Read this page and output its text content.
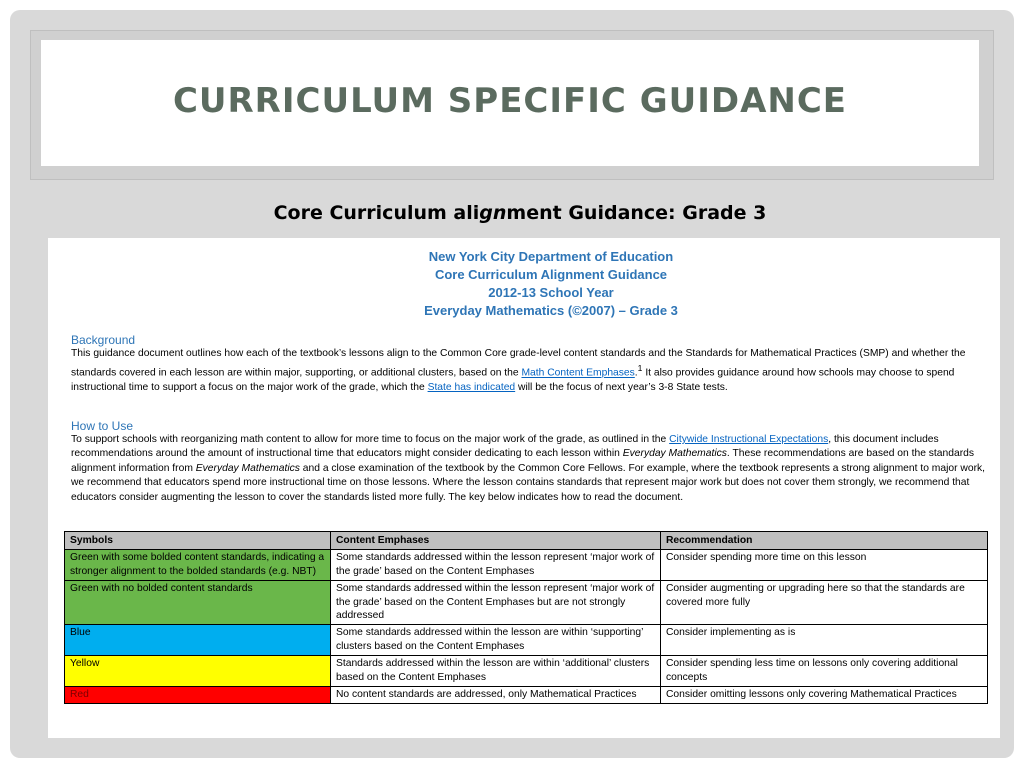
CURRICULUM SPECIFIC GUIDANCE
Core Curriculum alignment Guidance: Grade 3
New York City Department of Education
Core Curriculum Alignment Guidance
2012-13 School Year
Everyday Mathematics (©2007) – Grade 3
Background
This guidance document outlines how each of the textbook’s lessons align to the Common Core grade-level content standards and the Standards for Mathematical Practices (SMP) and whether the standards covered in each lesson are within major, supporting, or additional clusters, based on the Math Content Emphases.$^1$ It also provides guidance around how schools may choose to spend instructional time to support a focus on the major work of the grade, which the State has indicated will be the focus of next year’s 3-8 State tests.
How to Use
To support schools with reorganizing math content to allow for more time to focus on the major work of the grade, as outlined in the Citywide Instructional Expectations, this document includes recommendations around the amount of instructional time that educators might consider dedicating to each lesson within Everyday Mathematics. These recommendations are based on the standards alignment information from Everyday Mathematics and a close examination of the textbook by the Common Core Fellows. For example, where the textbook represents a strong alignment to major work, we recommend that educators spend more instructional time on those lessons. Where the lesson contains standards that represent major work but does not cover them strongly, we recommend that educators consider augmenting the lesson to cover the standards listed more fully. The key below indicates how to read the document.
Symbols	Content Emphases	Recommendation
Green with some bolded content standards, indicating a stronger alignment to the bolded standards (e.g. NBT)	Some standards addressed within the lesson represent ‘major work of the grade’ based on the Content Emphases	Consider spending more time on this lesson
Green with no bolded content standards	Some standards addressed within the lesson represent ‘major work of the grade’ based on the Content Emphases but are not strongly addressed	Consider augmenting or upgrading here so that the standards are covered more fully
Blue	Some standards addressed within the lesson are within ‘supporting’ clusters based on the Content Emphases	Consider implementing as is
Yellow	Standards addressed within the lesson are within ‘additional’ clusters based on the Content Emphases	Consider spending less time on lessons only covering additional concepts
Red	No content standards are addressed, only Mathematical Practices	Consider omitting lessons only covering Mathematical Practices
